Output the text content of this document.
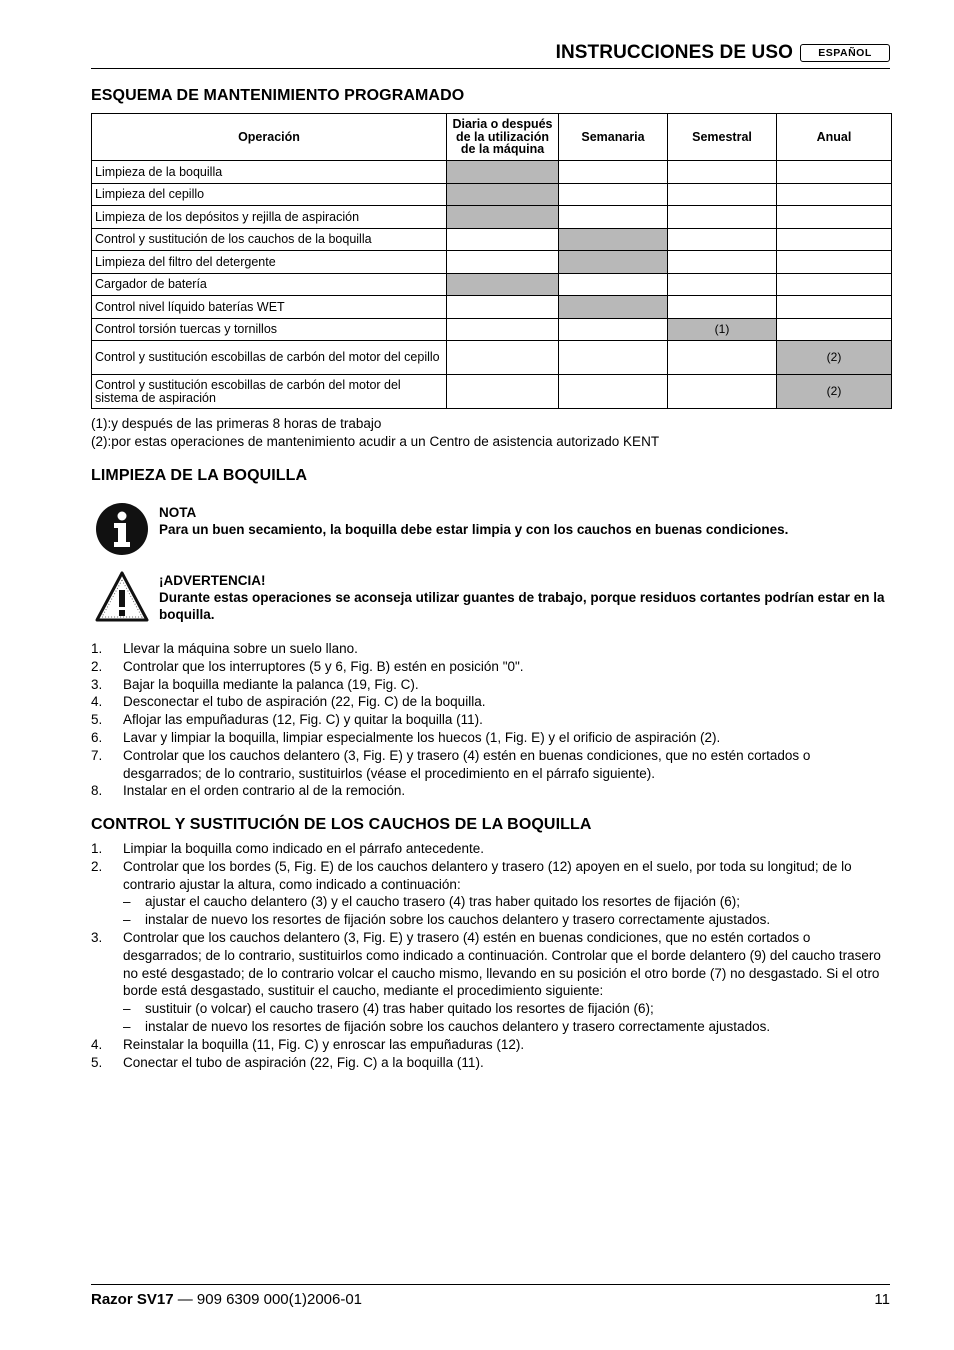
INSTRUCCIONES DE USO	ESPAÑOL
ESQUEMA DE MANTENIMIENTO PROGRAMADO
Operación	Diaria o después de la utilización de la máquina	Semanaria	Semestral	Anual
Limpieza de la boquilla				
Limpieza del cepillo				
Limpieza de los depósitos y rejilla de aspiración				
Control y sustitución de los cauchos de la boquilla				
Limpieza del filtro del detergente				
Cargador de batería				
Control nivel líquido baterías WET				
Control torsión tuercas y tornillos			(1)	
Control y sustitución escobillas de carbón del motor del cepillo				(2)
Control y sustitución escobillas de carbón del motor del sistema de aspiración				(2)
(1):y después de las primeras 8 horas de trabajo
(2):por estas operaciones de mantenimiento acudir a un Centro de asistencia autorizado KENT
LIMPIEZA DE LA BOQUILLA
NOTA
Para un buen secamiento, la boquilla debe estar limpia y con los cauchos en buenas condiciones.
¡ADVERTENCIA!
Durante estas operaciones se aconseja utilizar guantes de trabajo, porque residuos cortantes podrían estar en la boquilla.
1. Llevar la máquina sobre un suelo llano.
2. Controlar que los interruptores (5 y 6, Fig. B) estén en posición "0".
3. Bajar la boquilla mediante la palanca (19, Fig. C).
4. Desconectar el tubo de aspiración (22, Fig. C) de la boquilla.
5. Aflojar las empuñaduras (12, Fig. C) y quitar la boquilla (11).
6. Lavar y limpiar la boquilla, limpiar especialmente los huecos (1, Fig. E) y el orificio de aspiración (2).
7. Controlar que los cauchos delantero (3, Fig. E) y trasero (4) estén en buenas condiciones, que no estén cortados o desgarrados; de lo contrario, sustituirlos (véase el procedimiento en el párrafo siguiente).
8. Instalar en el orden contrario al de la remoción.
CONTROL Y SUSTITUCIÓN DE LOS CAUCHOS DE LA BOQUILLA
1. Limpiar la boquilla como indicado en el párrafo antecedente.
2. Controlar que los bordes (5, Fig. E) de los cauchos delantero y trasero (12) apoyen en el suelo, por toda su longitud; de lo contrario ajustar la altura, como indicado a continuación:
– ajustar el caucho delantero (3) y el caucho trasero (4) tras haber quitado los resortes de fijación (6);
– instalar de nuevo los resortes de fijación sobre los cauchos delantero y trasero correctamente ajustados.
3. Controlar que los cauchos delantero (3, Fig. E) y trasero (4) estén en buenas condiciones, que no estén cortados o desgarrados; de lo contrario, sustituirlos como indicado a continuación. Controlar que el borde delantero (9) del caucho trasero no esté desgastado; de lo contrario volcar el caucho mismo, llevando en su posición el otro borde (7) no desgastado. Si el otro borde está desgastado, sustituir el caucho, mediante el procedimiento siguiente:
– sustituir (o volcar) el caucho trasero (4) tras haber quitado los resortes de fijación (6);
– instalar de nuevo los resortes de fijación sobre los cauchos delantero y trasero correctamente ajustados.
4. Reinstalar la boquilla (11, Fig. C) y enroscar las empuñaduras (12).
5. Conectar el tubo de aspiración (22, Fig. C) a la boquilla (11).
Razor SV17 — 909 6309 000(1)2006-01	11
